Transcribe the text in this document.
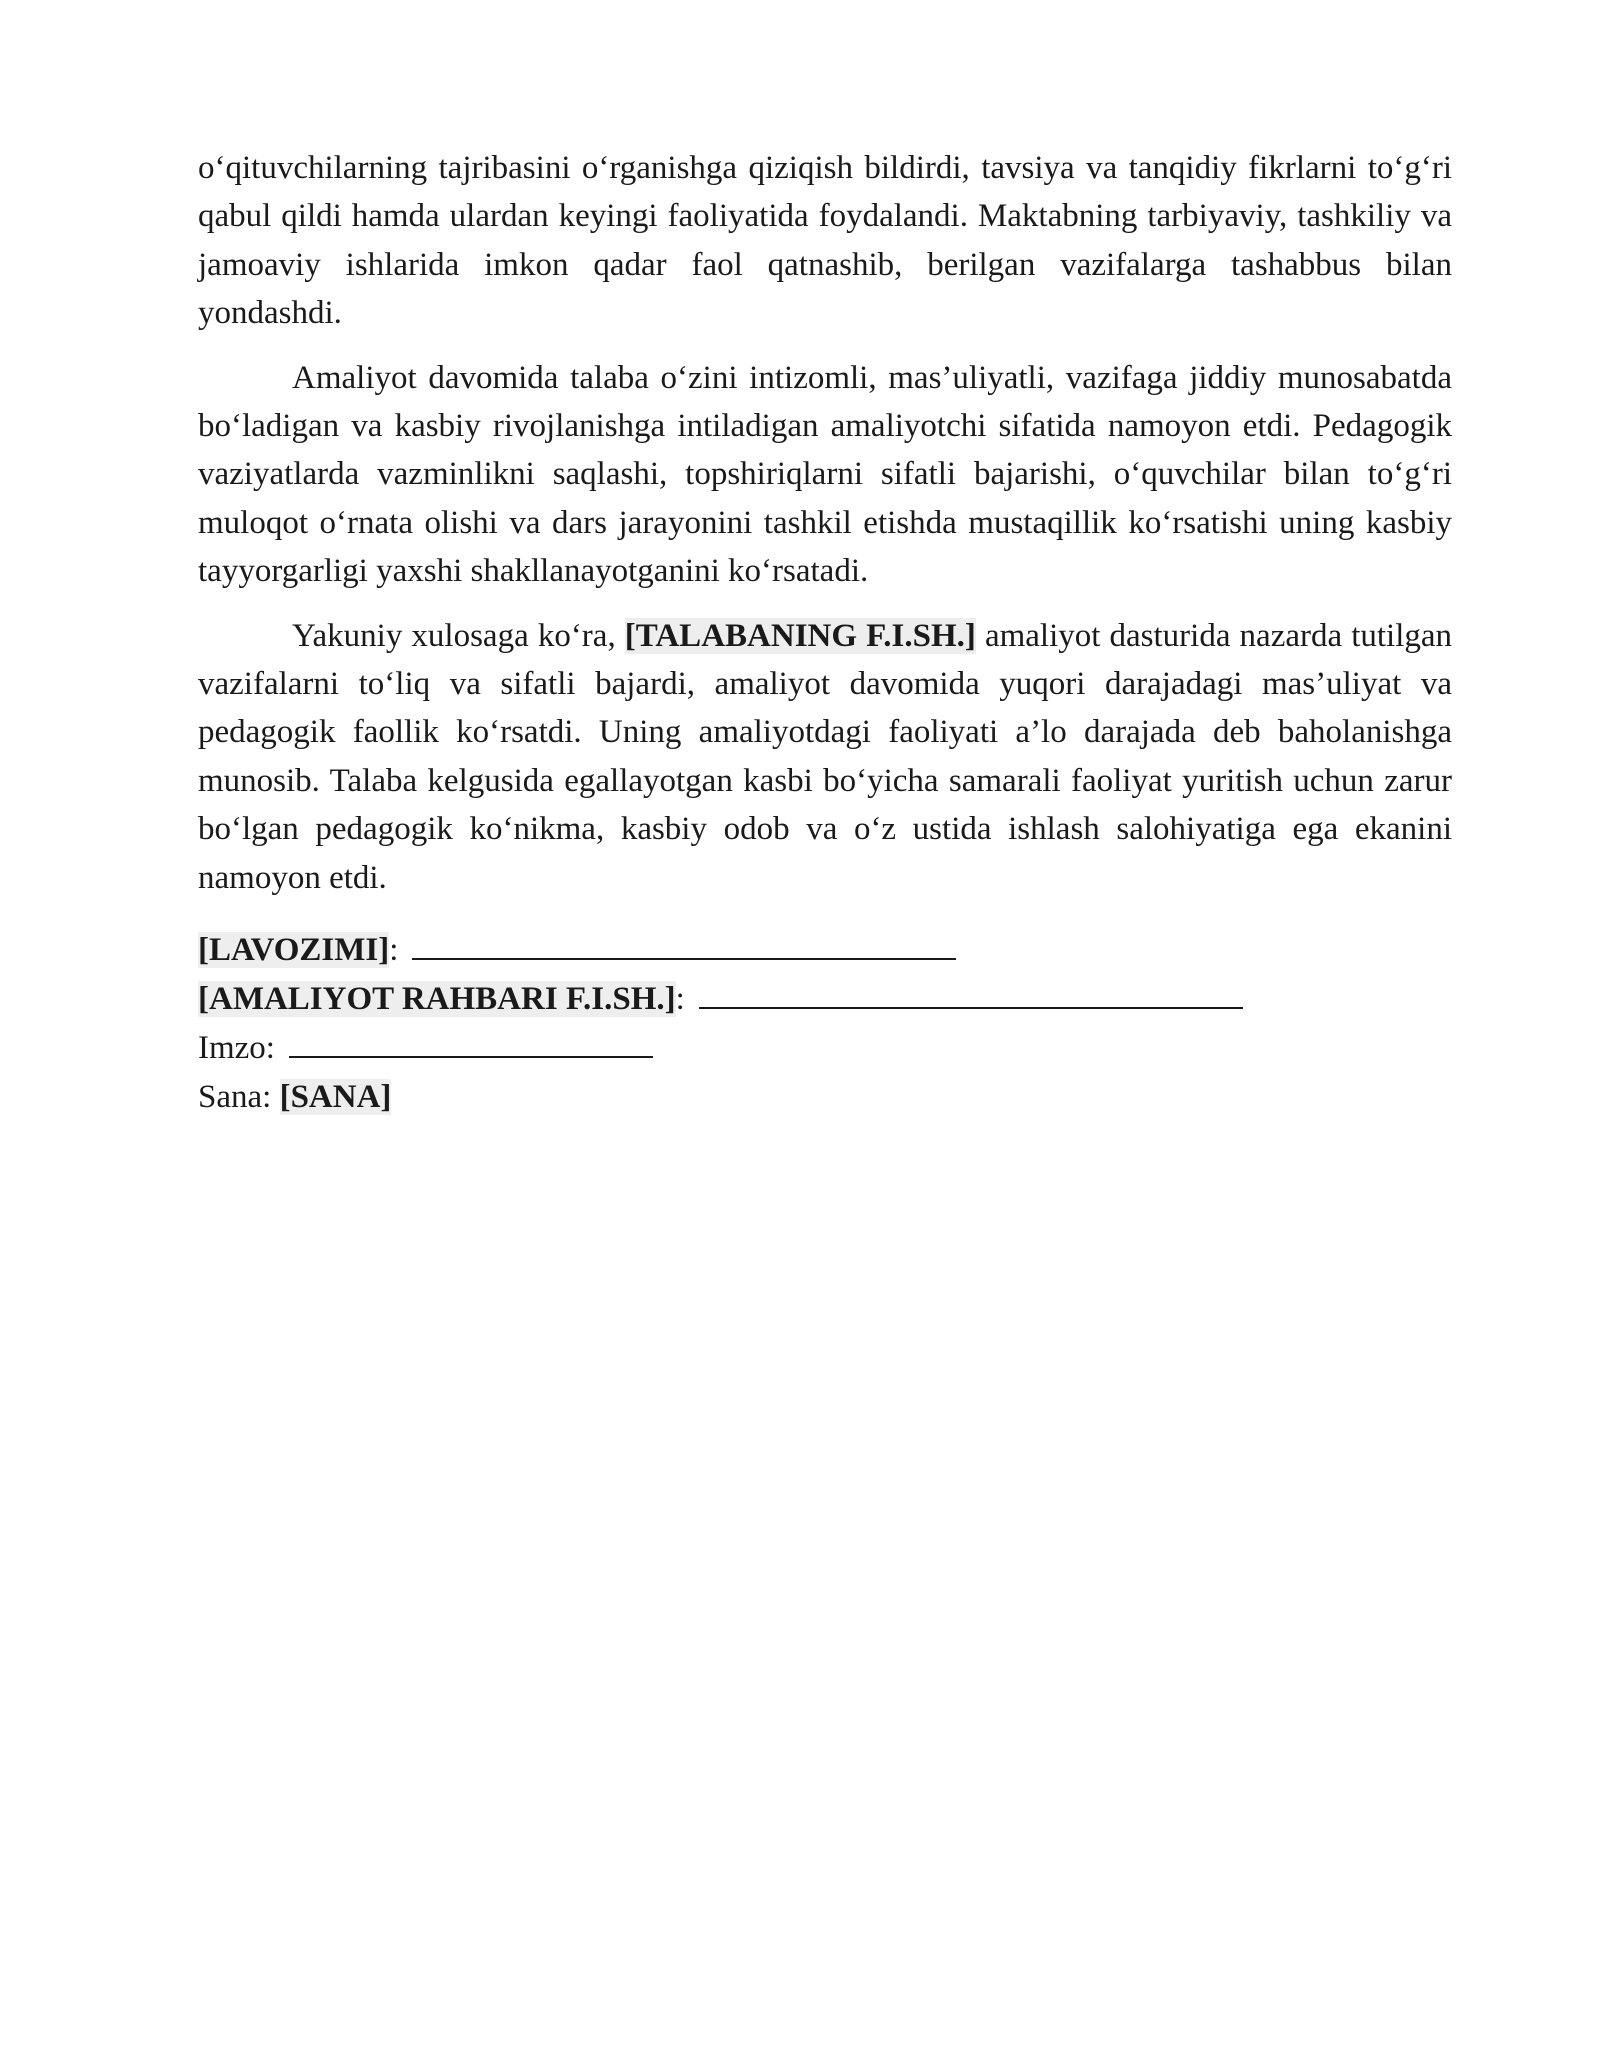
o‘qituvchilarning tajribasini o‘rganishga qiziqish bildirdi, tavsiya va tanqidiy fikrlarni to‘g‘ri qabul qildi hamda ulardan keyingi faoliyatida foydalandi. Maktabning tarbiyaviy, tashkiliy va jamoaviy ishlarida imkon qadar faol qatnashib, berilgan vazifalarga tashabbus bilan yondashdi.

Amaliyot davomida talaba o‘zini intizomli, mas’uliyatli, vazifaga jiddiy munosabatda bo‘ladigan va kasbiy rivojlanishga intiladigan amaliyotchi sifatida namoyon etdi. Pedagogik vaziyatlarda vazminlikni saqlashi, topshiriqlarni sifatli bajarishi, o‘quvchilar bilan to‘g‘ri muloqot o‘rnata olishi va dars jarayonini tashkil etishda mustaqillik ko‘rsatishi uning kasbiy tayyorgarligi yaxshi shakllanayotganini ko‘rsatadi.

Yakuniy xulosaga ko‘ra, [TALABANING F.I.SH.] amaliyot dasturida nazarda tutilgan vazifalarni to‘liq va sifatli bajardi, amaliyot davomida yuqori darajadagi mas’uliyat va pedagogik faollik ko‘rsatdi. Uning amaliyotdagi faoliyati a’lo darajada deb baholanishga munosib. Talaba kelgusida egallayotgan kasbi bo‘yicha samarali faoliyat yuritish uchun zarur bo‘lgan pedagogik ko‘nikma, kasbiy odob va o‘z ustida ishlash salohiyatiga ega ekanini namoyon etdi.

[LAVOZIMI]:

[AMALIYOT RAHBARI F.I.SH.]:

Imzo:

Sana: [SANA]
